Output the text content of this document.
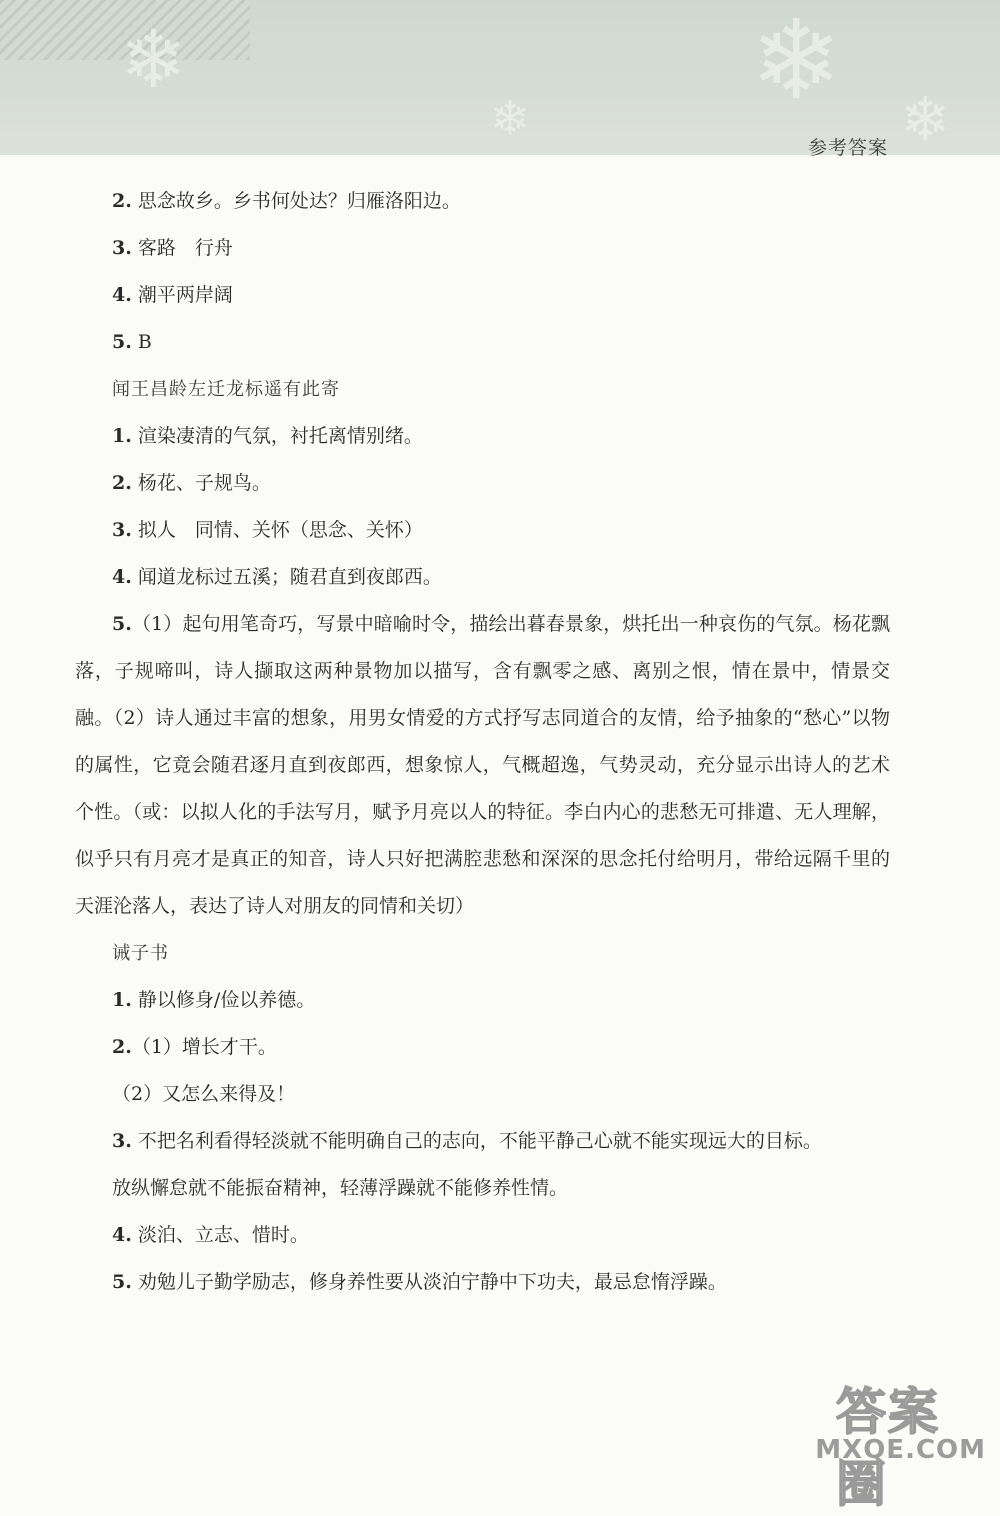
❄
❄ ❄ ❄
参考答案
2. 思念故乡。乡书何处达？归雁洛阳边。
3. 客路　行舟
4. 潮平两岸阔
5. B
闻王昌龄左迁龙标遥有此寄
1. 渲染凄清的气氛，衬托离情别绪。
2. 杨花、子规鸟。
3. 拟人　同情、关怀（思念、关怀）
4. 闻道龙标过五溪；随君直到夜郎西。

5.（1）起句用笔奇巧，写景中暗喻时令，描绘出暮春景象，烘托出一种哀伤的气氛。杨花飘落，子规啼叫，诗人撷取这两种景物加以描写，含有飘零之感、离别之恨，情在景中，情景交融。（2）诗人通过丰富的想象，用男女情爱的方式抒写志同道合的友情，给予抽象的“愁心”以物的属性，它竟会随君逐月直到夜郎西，想象惊人，气概超逸，气势灵动，充分显示出诗人的艺术个性。（或：以拟人化的手法写月，赋予月亮以人的特征。李白内心的悲愁无可排遣、无人理解，似乎只有月亮才是真正的知音，诗人只好把满腔悲愁和深深的思念托付给明月，带给远隔千里的天涯沦落人，表达了诗人对朋友的同情和关切）

诫子书
1. 静以修身/俭以养德。
2.（1）增长才干。
（2）又怎么来得及！
3. 不把名利看得轻淡就不能明确自己的志向，不能平静己心就不能实现远大的目标。
放纵懈怠就不能振奋精神，轻薄浮躁就不能修养性情。
4. 淡泊、立志、惜时。
5. 劝勉儿子勤学励志，修身养性要从淡泊宁静中下功夫，最忌怠惰浮躁。
答案圈
MXQE.COM
